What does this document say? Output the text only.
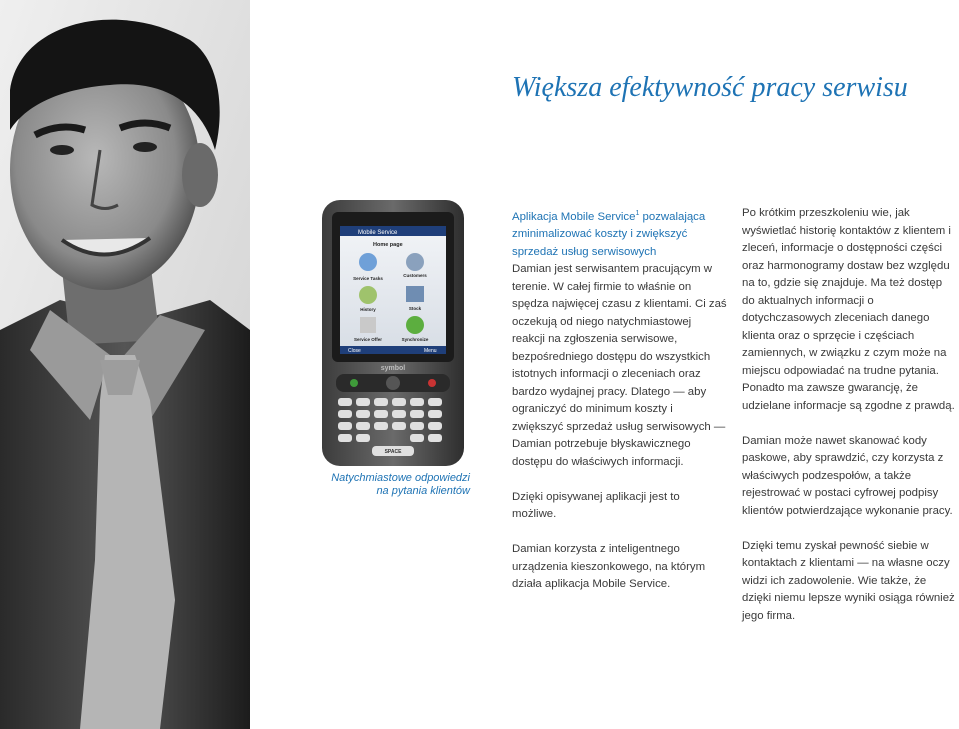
Większa efektywność pracy serwisu
Mobile Service
Home page
Service Tasks
Customers
History	Stock
Service Offer	Synchronize
Close	Menu
symbol
SPACE
Natychmiastowe odpowiedzi na pytania klientów

Aplikacja Mobile Service$^1$ pozwalająca zminimalizować koszty i zwiększyć sprzedaż usług serwisowych

Damian jest serwisantem pracującym w terenie. W całej firmie to właśnie on spędza najwięcej czasu z klientami. Ci zaś oczekują od niego natychmiastowej reakcji na zgłoszenia serwisowe, bezpośredniego dostępu do wszystkich istotnych informacji o zleceniach oraz bardzo wydajnej pracy. Dlatego — aby ograniczyć do minimum koszty i zwiększyć sprzedaż usług serwisowych — Damian potrzebuje błyskawicznego dostępu do właściwych informacji.

Dzięki opisywanej aplikacji jest to możliwe.

Damian korzysta z inteligentnego urządzenia kieszonkowego, na którym działa aplikacja Mobile Service.

Po krótkim przeszkoleniu wie, jak wyświetlać historię kontaktów z klientem i zleceń, informacje o dostępności części oraz harmonogramy dostaw bez względu na to, gdzie się znajduje. Ma też dostęp do aktualnych informacji o dotychczasowych zleceniach danego klienta oraz o sprzęcie i częściach zamiennych, w związku z czym może na miejscu odpowiadać na trudne pytania. Ponadto ma zawsze gwarancję, że udzielane informacje są zgodne z prawdą.

Damian może nawet skanować kody paskowe, aby sprawdzić, czy korzysta z właściwych podzespołów, a także rejestrować w postaci cyfrowej podpisy klientów potwierdzające wykonanie pracy.

Dzięki temu zyskał pewność siebie w kontaktach z klientami — na własne oczy widzi ich zadowolenie. Wie także, że dzięki niemu lepsze wyniki osiąga również jego firma.
